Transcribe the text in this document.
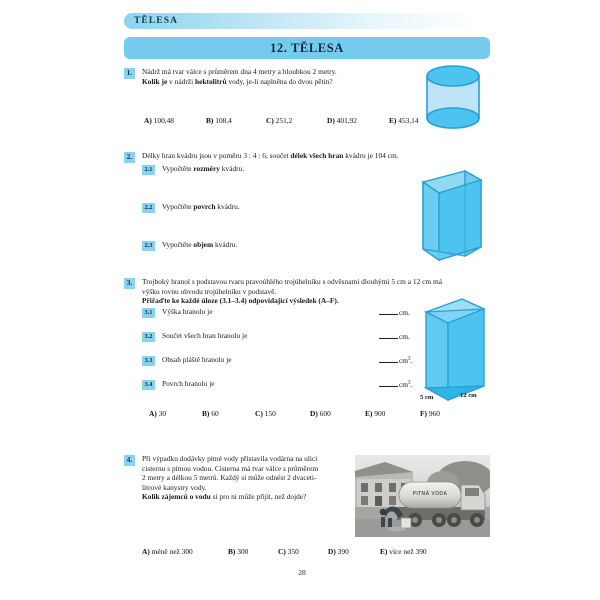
TĚLESA
12. TĚLESA
1.	Nádrž má tvar válce s průměrem dna 4 metry a hloubkou 2 metry.
Kolik je v nádrži hektolitrů vody, je-li naplněna do dvou pětin?
A) 100,48	B) 108,4	C) 251,2	D) 401,92	E) 453,14
2.	Délky hran kvádru jsou v poměru 3 : 4 : 6, součet délek všech hran kvádru je 104 cm.
2.1	Vypočtěte rozměry kvádru.
2.2	Vypočtěte povrch kvádru.
2.3	Vypočtěte objem kvádru.
3.	Trojboký hranol s podstavou tvaru pravoúhlého trojúhelníku s odvěsnami dlouhými 5 cm a 12 cm má výšku rovnu obvodu trojúhelníku v podstavě.
Přiřaďte ke každé úloze (3.1–3.4) odpovídající výsledek (A–F).
3.1	Výška hranolu je	cm.
3.2	Součet všech hran hranolu je	cm.
3.3	Obsah pláště hranolu je	$cm^2$.
3.4	Povrch hranolu je	$cm^2$.
A) 30	B) 60	C) 150	D) 600	E) 900	F) 960
4.	Při výpadku dodávky pitné vody přistavila vodárna na ulici
cisternu s pitnou vodou. Cisterna má tvar válce s průměrem
2 metry a délkou 5 metrů. Každý si může odnést 2 dvaceti-
litrové kanystry vody.
Kolik zájemců o vodu si pro ni může přijít, než dojde?
A) méně než 300	B) 300	C) 350	D) 390	E) více než 390
28
5 cm	12 cm
PITNÁ VODA
